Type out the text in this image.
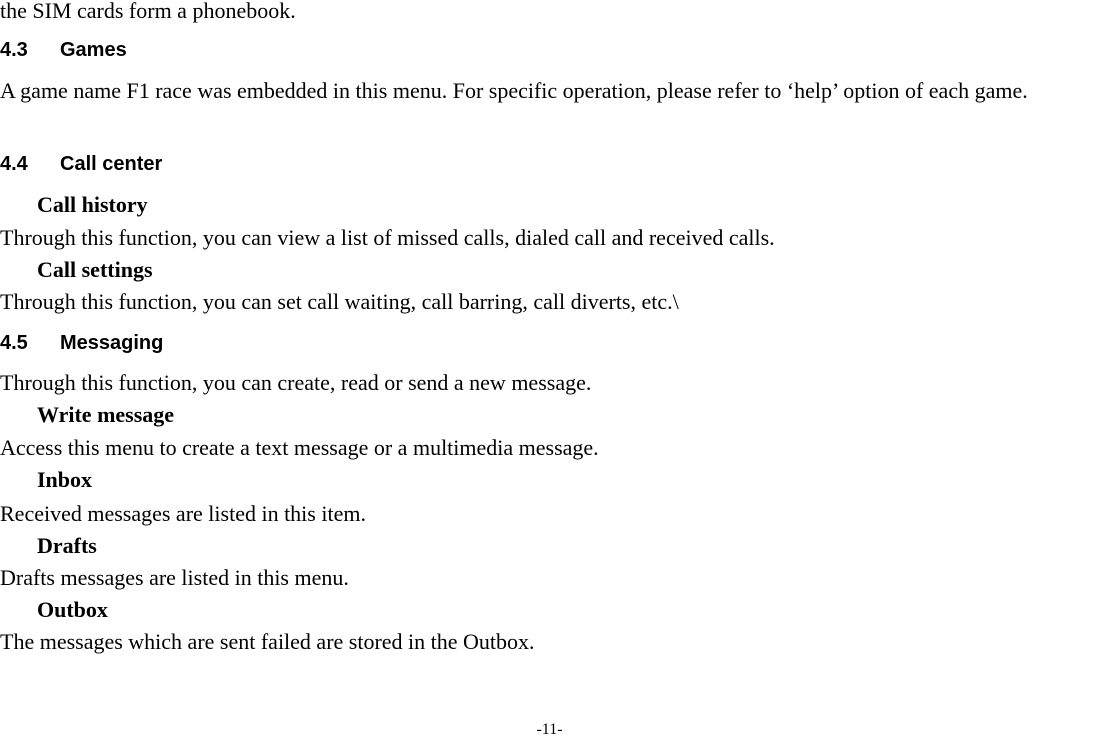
the SIM cards form a phonebook.
4.3 Games
A game name F1 race was embedded in this menu. For specific operation, please refer to ‘help’ option of each game.
4.4 Call center
Call history
Through this function, you can view a list of missed calls, dialed call and received calls.
Call settings
Through this function, you can set call waiting, call barring, call diverts, etc.\
4.5 Messaging
Through this function, you can create, read or send a new message.
Write message
Access this menu to create a text message or a multimedia message.
Inbox
Received messages are listed in this item.
Drafts
Drafts messages are listed in this menu.
Outbox
The messages which are sent failed are stored in the Outbox.
-11-
